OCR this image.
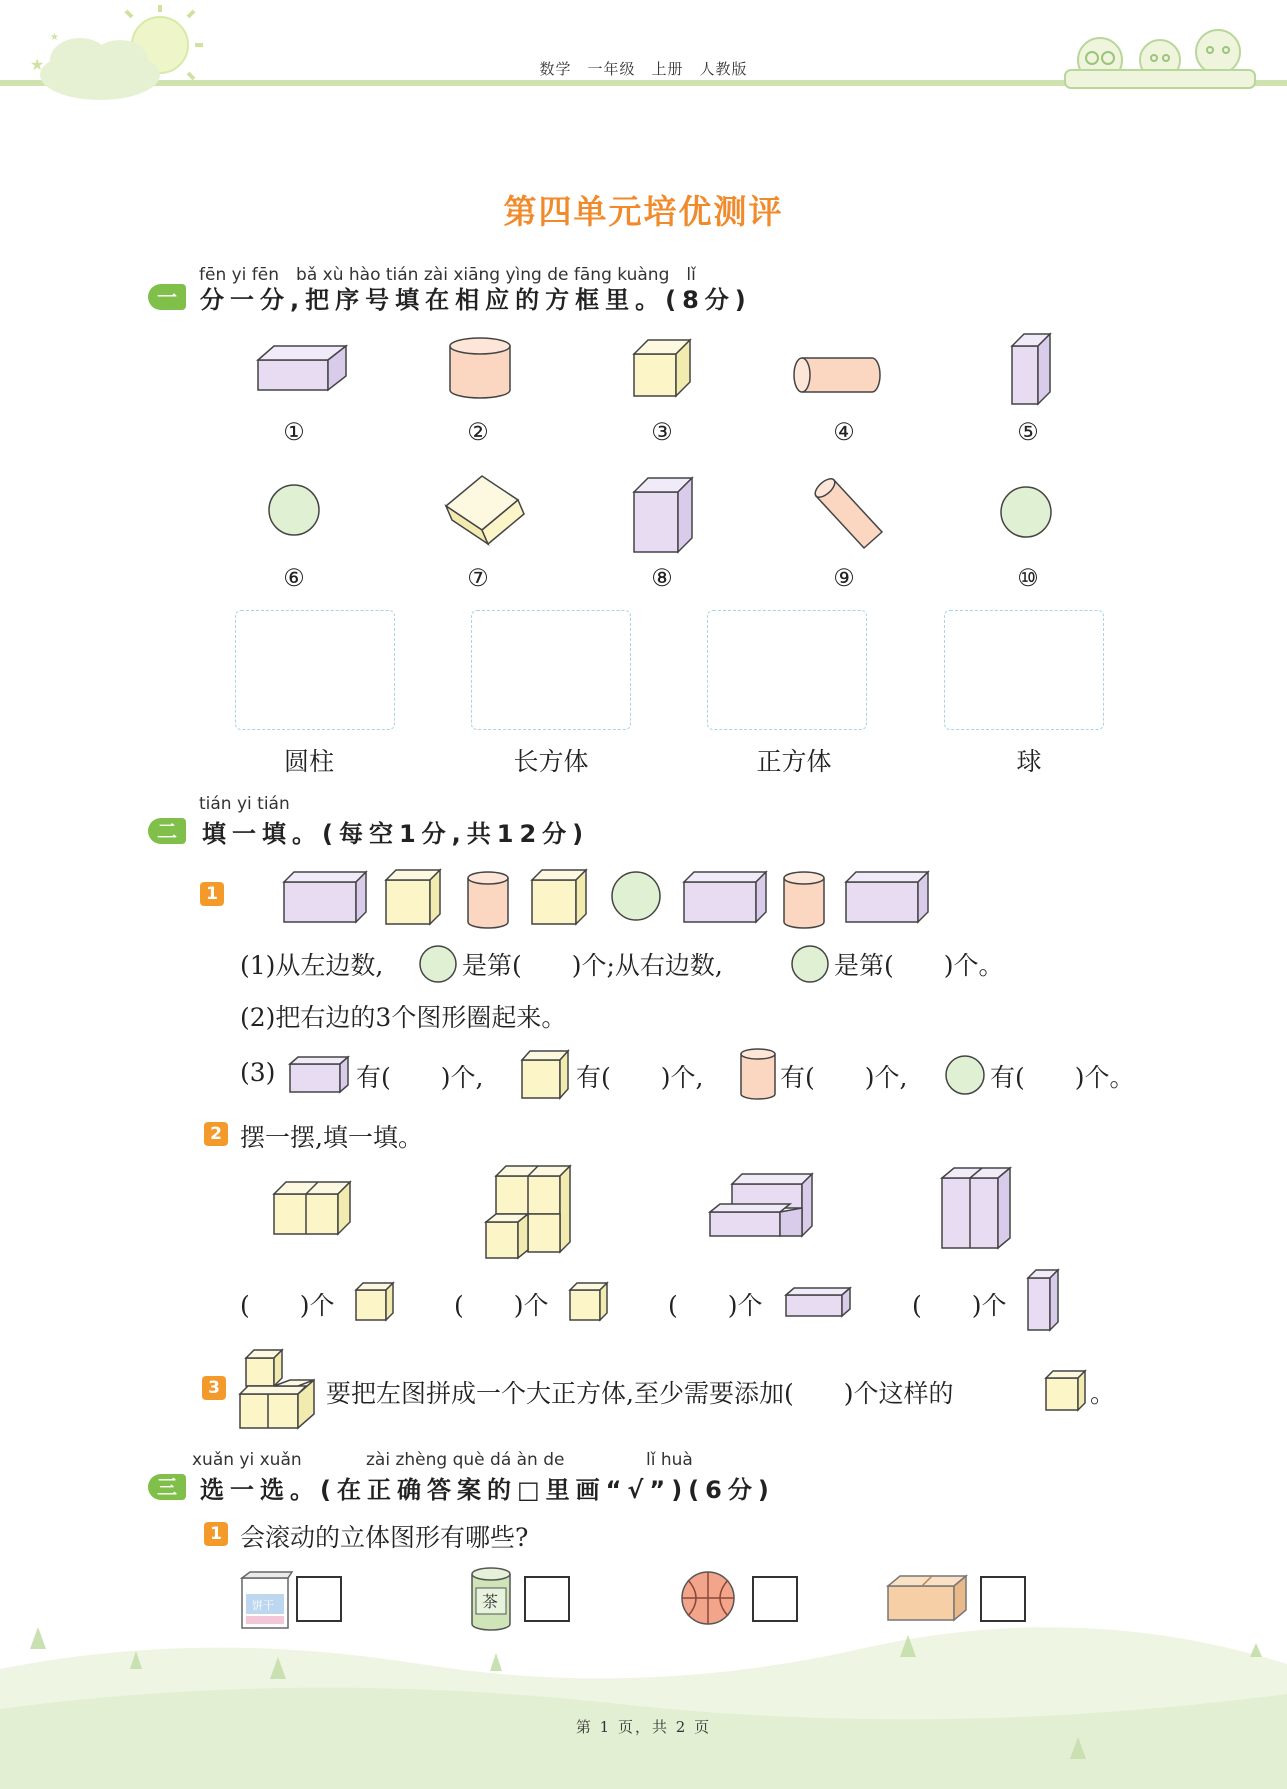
★
★
数学　一年级　上册　人教版
第四单元培优测评
fēn yi fēn　bǎ xù hào tián zài xiāng yìng de fāng kuàng　lǐ
一 分一分,把序号填在相应的方框里。(8分)
①	②	③	④	⑤
⑥	⑦	⑧	⑨	⑩
圆柱	长方体	正方体	球
tián yi tián
二	填一填。(每空1分,共12分)
1
(1)从左边数,	是第(　　)个;从右边数,	是第(　　)个。
(2)把右边的3个图形圈起来。
(3)	有(　　)个,	有(　　)个,	有(　　)个,	有(　　)个。
2 摆一摆,填一填。
(　　)个	(　　)个	(　　)个	(　　)个
3	要把左图拼成一个大正方体,至少需要添加(　　)个这样的	。
xuǎn yi xuǎn	zài zhèng què dá àn de	lǐ huà
三 选一选。(在正确答案的□里画“√”)(6分)
1 会滚动的立体图形有哪些?
饼干	茶
第 1 页，共 2 页
